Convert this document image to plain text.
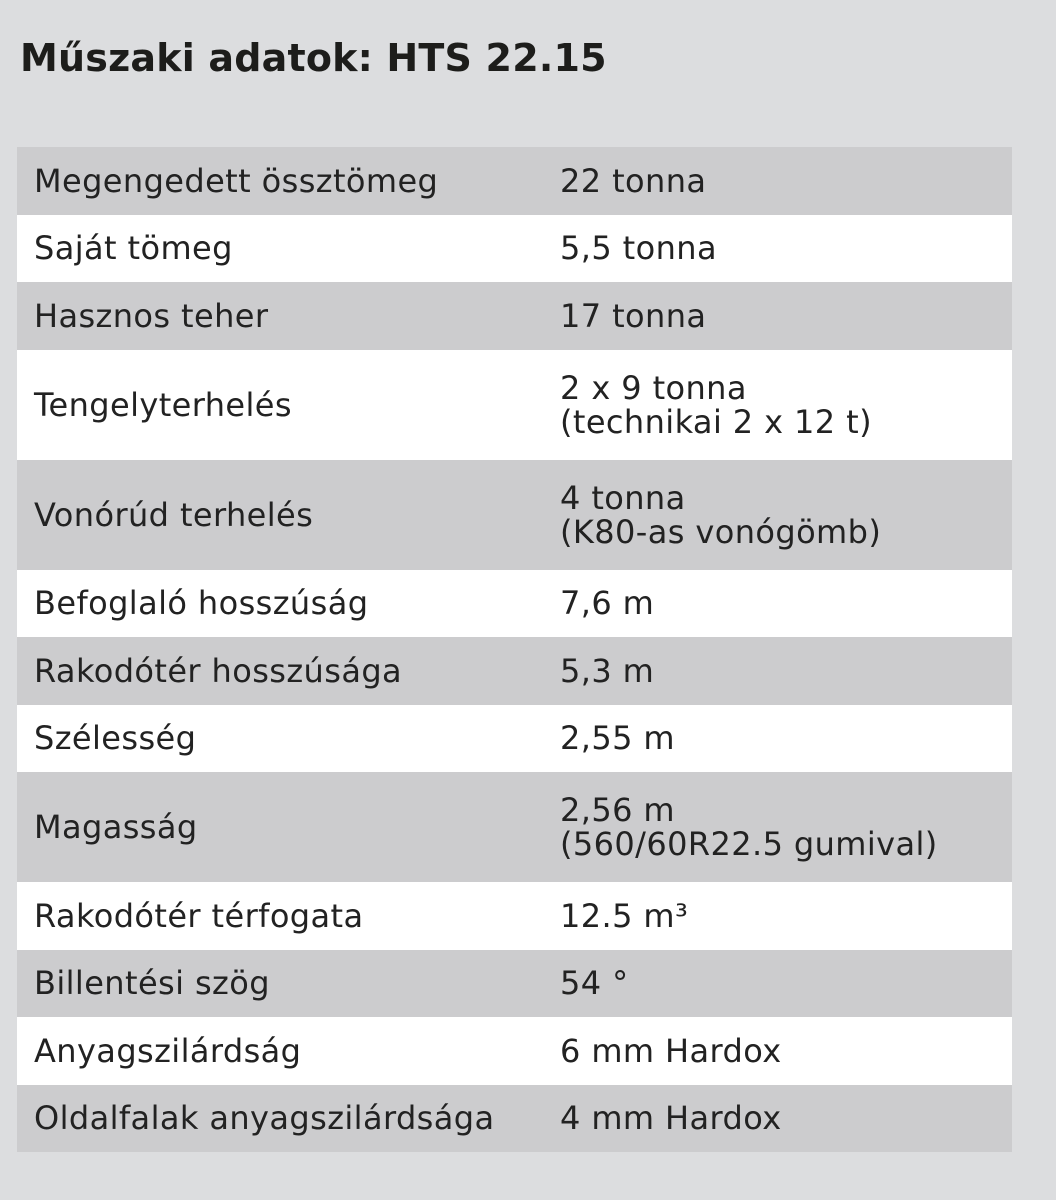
Műszaki adatok: HTS 22.15
Megengedett össztömeg	22 tonna
Saját tömeg	5,5 tonna
Hasznos teher	17 tonna
Tengelyterhelés	2 x 9 tonna
(technikai 2 x 12 t)
Vonórúd terhelés	4 tonna
(K80-as vonógömb)
Befoglaló hosszúság	7,6 m
Rakodótér hosszúsága	5,3 m
Szélesség	2,55 m
Magasság	2,56 m
(560/60R22.5 gumival)
Rakodótér térfogata	12.5 m³
Billentési szög	54 °
Anyagszilárdság	6 mm Hardox
Oldalfalak anyagszilárdsága	4 mm Hardox
